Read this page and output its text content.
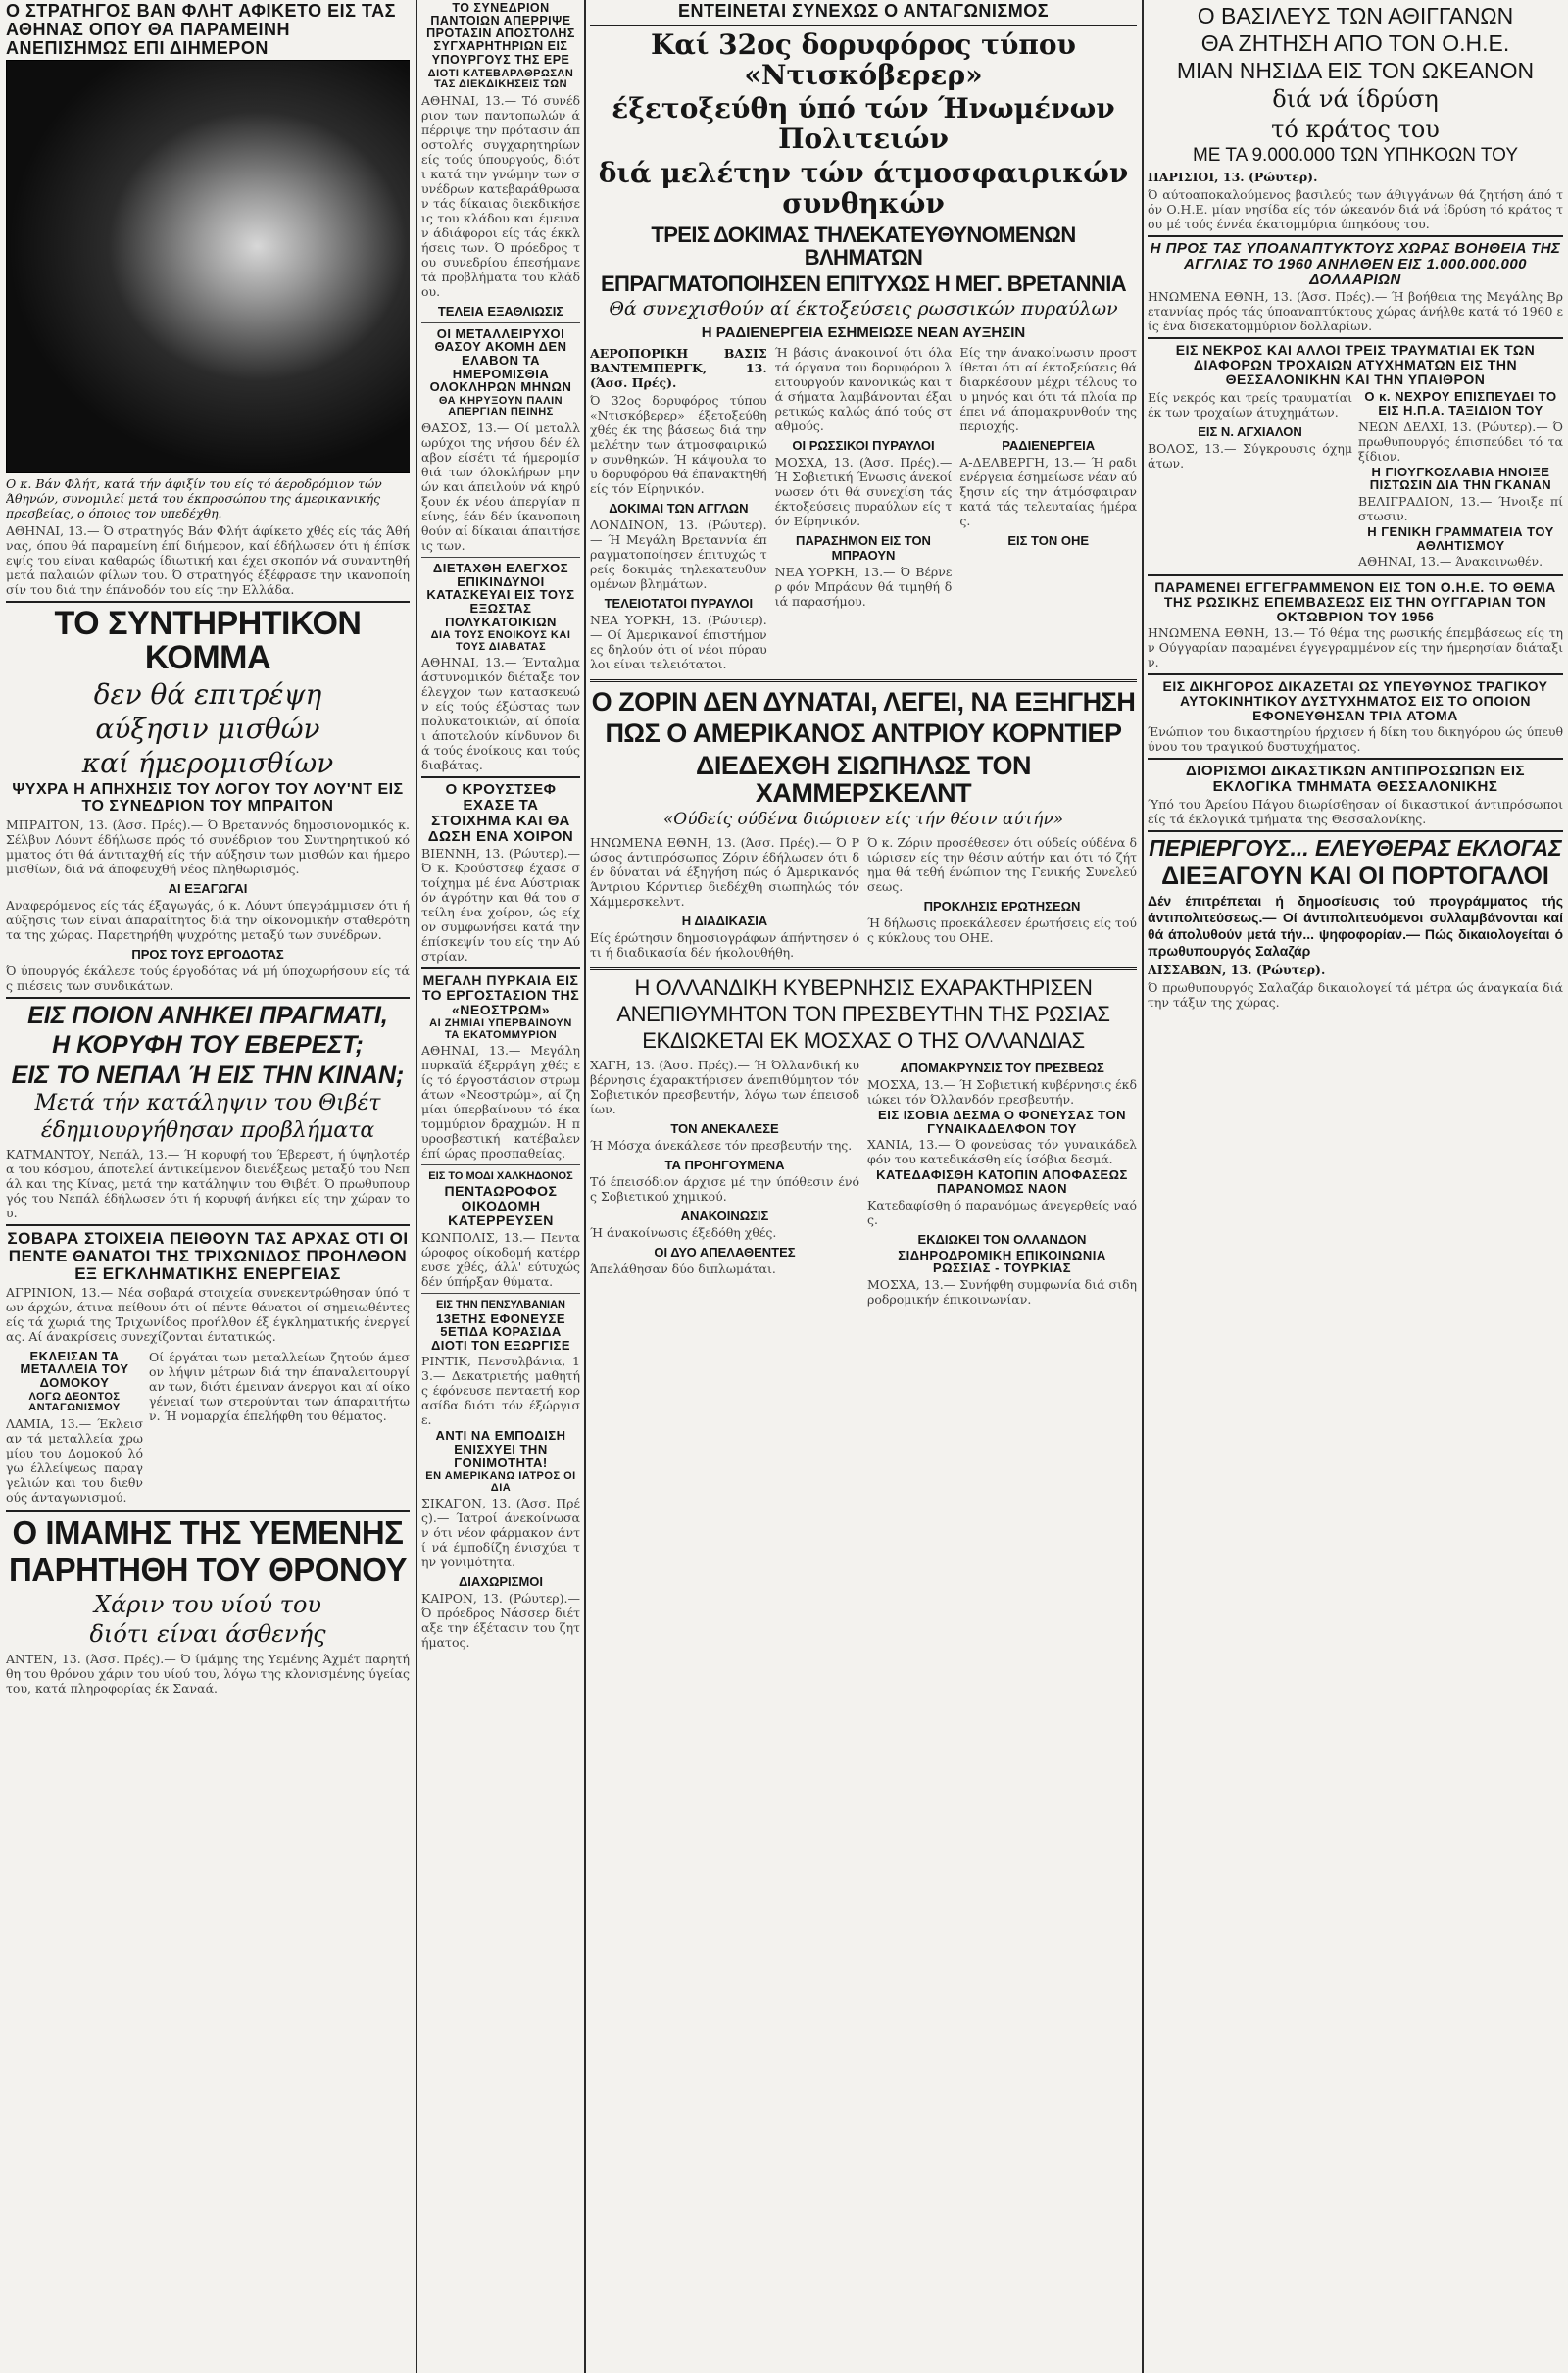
Ο ΣΤΡΑΤΗΓΟΣ ΒΑΝ ΦΛΗΤ ΑΦΙΚΕΤΟ ΕΙΣ ΤΑΣ ΑΘΗΝΑΣ ΟΠΟΥ ΘΑ ΠΑΡΑΜΕΙΝΗ ΑΝΕΠΙΣΗΜΩΣ ΕΠΙ ΔΙΗΜΕΡΟΝ
Ο κ. Βάν Φλήτ, κατά τήν άφιξίν του είς τό άεροδρόμιον τών Άθηνών, συνομιλεί μετά του έκπροσώπου της άμερικανικής πρεσβείας, ο όποιος τον υπεδέχθη.
ΑΘΗΝΑΙ, 13.— Ό στρατηγός Βάν Φλήτ άφίκετο χθές είς τάς Άθήνας, όπου θά παραμείνη έπί διήμερον, καί έδήλωσεν ότι ή έπίσκεψίς του είναι καθαρώς ίδιωτική και έχει σκοπόν νά συναντηθή μετά παλαιών φίλων του. Ό στρατηγός έξέφρασε την ικανοποίησίν του διά την έπάνοδόν του είς την Ελλάδα.
ΤΟ ΣΥΝΤΗΡΗΤΙΚΟΝ ΚΟΜΜΑ
δεν θά επιτρέψη
αύξησιν μισθών
καί ήμερομισθίων
ΨΥΧΡΑ Η ΑΠΗΧΗΣΙΣ ΤΟΥ ΛΟΓΟΥ ΤΟΥ ΛΟΥ'ΝΤ ΕΙΣ ΤΟ ΣΥΝΕΔΡΙΟΝ ΤΟΥ ΜΠΡΑΙΤΟΝ
ΜΠΡΑΙΤΟΝ, 13. (Άσσ. Πρές).— Ό Βρεταννός δημοσιονομικός κ. Σέλβυν Λόυντ έδήλωσε πρός τό συνέδριον του Συντηρητικού κόμματος ότι θά άντιταχθή είς τήν αύξησιν των μισθών και ήμερομισθίων, διά νά άποφευχθή νέος πληθωρισμός.
ΑΙ ΕΞΑΓΩΓΑΙ
Αναφερόμενος είς τάς έξαγωγάς, ό κ. Λόυντ ύπεγράμμισεν ότι ή αύξησις των είναι άπαραίτητος διά την οίκονομικήν σταθερότητα της χώρας. Παρετηρήθη ψυχρότης μεταξύ των συνέδρων.
ΠΡΟΣ ΤΟΥΣ ΕΡΓΟΔΟΤΑΣ
Ό ύπουργός έκάλεσε τούς έργοδότας νά μή ύποχωρήσουν είς τάς πιέσεις των συνδικάτων.
ΕΙΣ ΠΟΙΟΝ ΑΝΗΚΕΙ ΠΡΑΓΜΑΤΙ,
Η ΚΟΡΥΦΗ ΤΟΥ ΕΒΕΡΕΣΤ;
ΕΙΣ ΤΟ ΝΕΠΑΛ Ή ΕΙΣ ΤΗΝ ΚΙΝΑΝ;
Μετά τήν κατάληψιν του Θιβέτ
έδημιουργήθησαν προβλήματα
ΚΑΤΜΑΝΤΟΥ, Νεπάλ, 13.— Ή κορυφή του Έβερεστ, ή ύψηλοτέρα του κόσμου, άποτελεί άντικείμενον διενέξεως μεταξύ του Νεπάλ και της Κίνας, μετά την κατάληψιν του Θιβέτ. Ό πρωθυπουργός του Νεπάλ έδήλωσεν ότι ή κορυφή άνήκει είς την χώραν του.
ΣΟΒΑΡΑ ΣΤΟΙΧΕΙΑ ΠΕΙΘΟΥΝ ΤΑΣ ΑΡΧΑΣ ΟΤΙ ΟΙ ΠΕΝΤΕ ΘΑΝΑΤΟΙ ΤΗΣ ΤΡΙΧΩΝΙΔΟΣ ΠΡΟΗΛΘΟΝ ΕΞ ΕΓΚΛΗΜΑΤΙΚΗΣ ΕΝΕΡΓΕΙΑΣ
ΑΓΡΙΝΙΟΝ, 13.— Νέα σοβαρά στοιχεία συνεκεντρώθησαν ύπό των άρχών, άτινα πείθουν ότι οί πέντε θάνατοι οί σημειωθέντες είς τά χωριά της Τριχωνίδος προήλθον έξ έγκληματικής ένεργείας. Αί άνακρίσεις συνεχίζονται έντατικώς.
ΕΚΛΕΙΣΑΝ ΤΑ ΜΕΤΑΛΛΕΙΑ ΤΟΥ ΔΟΜΟΚΟΥ
ΛΟΓΩ ΔΕΟΝΤΟΣ ΑΝΤΑΓΩΝΙΣΜΟΥ
ΛΑΜΙΑ, 13.— Έκλεισαν τά μεταλλεία χρωμίου του Δομοκού λόγω έλλείψεως παραγγελιών και του διεθνούς άνταγωνισμού.
Οί έργάται των μεταλλείων ζητούν άμεσον λήψιν μέτρων διά την έπαναλειτουργίαν των, διότι έμειναν άνεργοι και αί οίκογένειαί των στερούνται των άπαραιτήτων. Ή νομαρχία έπελήφθη του θέματος.
Ο ΙΜΑΜΗΣ ΤΗΣ ΥΕΜΕΝΗΣ
ΠΑΡΗΤΗΘΗ ΤΟΥ ΘΡΟΝΟΥ
Χάριν του υίού του
διότι είναι άσθενής
ΑΝΤΕΝ, 13. (Άσσ. Πρές).— Ό ίμάμης της Υεμένης Άχμέτ παρητήθη του θρόνου χάριν του υίού του, λόγω της κλονισμένης ύγείας του, κατά πληροφορίας έκ Σαναά.
ΤΟ ΣΥΝΕΔΡΙΟΝ ΠΑΝΤΟΙΩΝ ΑΠΕΡΡΙΨΕ ΠΡΟΤΑΣΙΝ ΑΠΟΣΤΟΛΗΣ ΣΥΓΧΑΡΗΤΗΡΙΩΝ ΕΙΣ ΥΠΟΥΡΓΟΥΣ ΤΗΣ ΕΡΕ
ΔΙΟΤΙ ΚΑΤΕΒΑΡΑΘΡΩΣΑΝ ΤΑΣ ΔΙΕΚΔΙΚΗΣΕΙΣ ΤΩΝ
ΑΘΗΝΑΙ, 13.— Τό συνέδριον των παντοπωλών άπέρριψε την πρότασιν άποστολής συγχαρητηρίων είς τούς ύπουργούς, διότι κατά την γνώμην των συνέδρων κατεβαράθρωσαν τάς δίκαιας διεκδικήσεις του κλάδου και έμειναν άδιάφοροι είς τάς έκκλήσεις των. Ό πρόεδρος του συνεδρίου έπεσήμανε τά προβλήματα του κλάδου.
ΤΕΛΕΙΑ ΕΞΑΘΛΙΩΣΙΣ
ΟΙ ΜΕΤΑΛΛΕΙΡΥΧΟΙ ΘΑΣΟΥ ΑΚΟΜΗ ΔΕΝ ΕΛΑΒΟΝ ΤΑ ΗΜΕΡΟΜΙΣΘΙΑ ΟΛΟΚΛΗΡΩΝ ΜΗΝΩΝ
ΘΑ ΚΗΡΥΞΟΥΝ ΠΑΛΙΝ ΑΠΕΡΓΙΑΝ ΠΕΙΝΗΣ
ΘΑΣΟΣ, 13.— Οί μεταλλωρύχοι της νήσου δέν έλαβον είσέτι τά ήμερομίσθιά των όλοκλήρων μηνών και άπειλούν νά κηρύξουν έκ νέου άπεργίαν πείνης, έάν δέν ίκανοποιηθούν αί δίκαιαι άπαιτήσεις των.
ΔΙΕΤΑΧΘΗ ΕΛΕΓΧΟΣ ΕΠΙΚΙΝΔΥΝΟΙ ΚΑΤΑΣΚΕΥΑΙ ΕΙΣ ΤΟΥΣ ΕΞΩΣΤΑΣ ΠΟΛΥΚΑΤΟΙΚΙΩΝ
ΔΙΑ ΤΟΥΣ ΕΝΟΙΚΟΥΣ ΚΑΙ ΤΟΥΣ ΔΙΑΒΑΤΑΣ
ΑΘΗΝΑΙ, 13.— Ένταλμα άστυνομικόν διέταξε τον έλεγχον των κατασκευών είς τούς έξώστας των πολυκατοικιών, αί όποίαι άποτελούν κίνδυνον διά τούς ένοίκους και τούς διαβάτας.
Ο ΚΡΟΥΣΤΣΕΦ ΕΧΑΣΕ ΤΑ ΣΤΟΙΧΗΜΑ ΚΑΙ ΘΑ ΔΩΣΗ ΕΝΑ ΧΟΙΡΟΝ
ΒΙΕΝΝΗ, 13. (Ρώυτερ).— Ό κ. Κρούστσεφ έχασε στοίχημα μέ ένα Αύστριακόν άγρότην και θά του στείλη ένα χοίρον, ώς είχον συμφωνήσει κατά την έπίσκεψίν του είς την Αύστρίαν.
ΜΕΓΑΛΗ ΠΥΡΚΑΙΑ ΕΙΣ ΤΟ ΕΡΓΟΣΤΑΣΙΟΝ ΤΗΣ «ΝΕΟΣΤΡΩΜ»
ΑΙ ΖΗΜΙΑΙ ΥΠΕΡΒΑΙΝΟΥΝ ΤΑ ΕΚΑΤΟΜΜΥΡΙΟΝ
ΑΘΗΝΑΙ, 13.— Μεγάλη πυρκαϊά έξερράγη χθές είς τό έργοστάσιον στρωμάτων «Νεοστρώμ», αί ζημίαι ύπερβαίνουν τό έκατομμύριον δραχμών. Η πυροσβεστική κατέβαλεν έπί ώρας προσπαθείας.
ΕΙΣ ΤΟ ΜΟΔΙ ΧΑΛΚΗΔΟΝΟΣ
ΠΕΝΤΑΩΡΟΦΟΣ ΟΙΚΟΔΟΜΗ ΚΑΤΕΡΡΕΥΣΕΝ
ΚΩΝΠΟΛΙΣ, 13.— Πενταώροφος οίκοδομή κατέρρευσε χθές, άλλ' εύτυχώς δέν ύπήρξαν θύματα.
ΕΙΣ ΤΗΝ ΠΕΝΣΥΛΒΑΝΙΑΝ
13ΕΤΗΣ ΕΦΟΝΕΥΣΕ 5ΕΤΙΔΑ ΚΟΡΑΣΙΔΑ ΔΙΟΤΙ ΤΟΝ ΕΞΩΡΓΙΣΕ
ΡΙΝΤΙΚ, Πενσυλβάνια, 13.— Δεκατριετής μαθητής έφόνευσε πενταετή κορασίδα διότι τόν έξώργισε.
ΑΝΤΙ ΝΑ ΕΜΠΟΔΙΣΗ ΕΝΙΣΧΥΕΙ ΤΗΝ ΓΟΝΙΜΟΤΗΤΑ!
ΕΝ ΑΜΕΡΙΚΑΝΩ ΙΑΤΡΟΣ ΟΙ ΔΙΑ
ΣΙΚΑΓΟΝ, 13. (Άσσ. Πρές).— Ίατροί άνεκοίνωσαν ότι νέον φάρμακον άντί νά έμποδίζη ένισχύει την γονιμότητα.
ΔΙΑΧΩΡΙΣΜΟΙ
ΚΑΙΡΟΝ, 13. (Ρώυτερ).— Ό πρόεδρος Νάσσερ διέταξε την έξέτασιν του ζητήματος.
ΕΝΤΕΙΝΕΤΑΙ ΣΥΝΕΧΩΣ Ο ΑΝΤΑΓΩΝΙΣΜΟΣ
Καί 32ος δορυφόρος τύπου «Ντισκόβερερ»
έξετοξεύθη ύπό τών Ήνωμένων Πολιτειών
διά μελέτην τών άτμοσφαιρικών συνθηκών
ΤΡΕΙΣ ΔΟΚΙΜΑΣ ΤΗΛΕΚΑΤΕΥΘΥΝΟΜΕΝΩΝ ΒΛΗΜΑΤΩΝ
ΕΠΡΑΓΜΑΤΟΠΟΙΗΣΕΝ ΕΠΙΤΥΧΩΣ Η ΜΕΓ. ΒΡΕΤΑΝΝΙΑ
Θά συνεχισθούν αί έκτοξεύσεις ρωσσικών πυραύλων
Η ΡΑΔΙΕΝΕΡΓΕΙΑ ΕΣΗΜΕΙΩΣΕ ΝΕΑΝ ΑΥΞΗΣΙΝ
ΑΕΡΟΠΟΡΙΚΗ ΒΑΣΙΣ ΒΑΝΤΕΜΠΕΡΓΚ, 13. (Άσσ. Πρές).
Ό 32ος δορυφόρος τύπου «Ντισκόβερερ» έξετοξεύθη χθές έκ της βάσεως διά την μελέτην των άτμοσφαιρικών συνθηκών. Ή κάψουλα του δορυφόρου θά έπανακτηθή είς τόν Είρηνικόν.
ΔΟΚΙΜΑΙ ΤΩΝ ΑΓΓΛΩΝ
ΛΟΝΔΙΝΟΝ, 13. (Ρώυτερ).— Ή Μεγάλη Βρεταννία έπραγματοποίησεν έπιτυχώς τρείς δοκιμάς τηλεκατευθυνομένων βλημάτων.
ΤΕΛΕΙΟΤΑΤΟΙ ΠΥΡΑΥΛΟΙ
ΝΕΑ ΥΟΡΚΗ, 13. (Ρώυτερ).— Οί Άμερικανοί έπιστήμονες δηλούν ότι οί νέοι πύραυλοι είναι τελειότατοι.
Ή βάσις άνακοινοί ότι όλα τά όργανα του δορυφόρου λειτουργούν κανονικώς και τά σήματα λαμβάνονται έξαιρετικώς καλώς άπό τούς σταθμούς.
ΟΙ ΡΩΣΣΙΚΟΙ ΠΥΡΑΥΛΟΙ
ΜΟΣΧΑ, 13. (Άσσ. Πρές).— Ή Σοβιετική Ένωσις άνεκοίνωσεν ότι θά συνεχίση τάς έκτοξεύσεις πυραύλων είς τόν Είρηνικόν.
ΠΑΡΑΣΗΜΟΝ ΕΙΣ ΤΟΝ ΜΠΡΑΟΥΝ
ΝΕΑ ΥΟΡΚΗ, 13.— Ό Βέρνερ φόν Μπράουν θά τιμηθή διά παρασήμου.
Είς την άνακοίνωσιν προστίθεται ότι αί έκτοξεύσεις θά διαρκέσουν μέχρι τέλους του μηνός και ότι τά πλοία πρέπει νά άπομακρυνθούν της περιοχής.
ΡΑΔΙΕΝΕΡΓΕΙΑ
Α-ΔΕΛΒΕΡΓΗ, 13.— Ή ραδιενέργεια έσημείωσε νέαν αύξησιν είς την άτμόσφαιραν κατά τάς τελευταίας ήμέρας.
ΕΙΣ ΤΟΝ ΟΗΕ
Ο ΖΟΡΙΝ ΔΕΝ ΔΥΝΑΤΑΙ, ΛΕΓΕΙ, ΝΑ ΕΞΗΓΗΣΗ
ΠΩΣ Ο ΑΜΕΡΙΚΑΝΟΣ ΑΝΤΡΙΟΥ ΚΟΡΝΤΙΕΡ
ΔΙΕΔΕΧΘΗ ΣΙΩΠΗΛΩΣ ΤΟΝ ΧΑΜΜΕΡΣΚΕΛΝΤ
«Ούδείς ούδένα διώρισεν είς τήν θέσιν αύτήν»
ΗΝΩΜΕΝΑ ΕΘΝΗ, 13. (Άσσ. Πρές).— Ό Ρώσος άντιπρόσωπος Ζόριν έδήλωσεν ότι δέν δύναται νά έξηγήση πώς ό Άμερικανός Άντριου Κόρντιερ διεδέχθη σιωπηλώς τόν Χάμμερσκελντ.
Η ΔΙΑΔΙΚΑΣΙΑ
Είς έρώτησιν δημοσιογράφων άπήντησεν ότι ή διαδικασία δέν ήκολουθήθη.
Ό κ. Ζόριν προσέθεσεν ότι ούδείς ούδένα διώρισεν είς την θέσιν αύτήν και ότι τό ζήτημα θά τεθή ένώπιον της Γενικής Συνελεύσεως.
ΠΡΟΚΛΗΣΙΣ ΕΡΩΤΗΣΕΩΝ
Ή δήλωσις προεκάλεσεν έρωτήσεις είς τούς κύκλους του ΟΗΕ.
Η ΟΛΛΑΝΔΙΚΗ ΚΥΒΕΡΝΗΣΙΣ ΕΧΑΡΑΚΤΗΡΙΣΕΝ
ΑΝΕΠΙΘΥΜΗΤΟΝ ΤΟΝ ΠΡΕΣΒΕΥΤΗΝ ΤΗΣ ΡΩΣΙΑΣ
ΕΚΔΙΩΚΕΤΑΙ ΕΚ ΜΟΣΧΑΣ Ο ΤΗΣ ΟΛΛΑΝΔΙΑΣ
ΧΑΓΗ, 13. (Άσσ. Πρές).— Ή Όλλανδική κυβέρνησις έχαρακτήρισεν άνεπιθύμητον τόν Σοβιετικόν πρεσβευτήν, λόγω των έπεισοδίων.
ΤΟΝ ΑΝΕΚΑΛΕΣΕ
Ή Μόσχα άνεκάλεσε τόν πρεσβευτήν της.
ΤΑ ΠΡΟΗΓΟΥΜΕΝΑ
Τό έπεισόδιον άρχισε μέ την ύπόθεσιν ένός Σοβιετικού χημικού.
ΑΝΑΚΟΙΝΩΣΙΣ
Ή άνακοίνωσις έξεδόθη χθές.
ΟΙ ΔΥΟ ΑΠΕΛΑΘΕΝΤΕΣ
Άπελάθησαν δύο διπλωμάται.
ΑΠΟΜΑΚΡΥΝΣΙΣ ΤΟΥ ΠΡΕΣΒΕΩΣ
ΜΟΣΧΑ, 13.— Ή Σοβιετική κυβέρνησις έκδιώκει τόν Όλλανδόν πρεσβευτήν.
ΕΙΣ ΙΣΟΒΙΑ ΔΕΣΜΑ Ο ΦΟΝΕΥΣΑΣ ΤΟΝ ΓΥΝΑΙΚΑΔΕΛΦΟΝ ΤΟΥ
ΧΑΝΙΑ, 13.— Ό φονεύσας τόν γυναικάδελφόν του κατεδικάσθη είς ίσόβια δεσμά.
ΚΑΤΕΔΑΦΙΣΘΗ ΚΑΤΟΠΙΝ ΑΠΟΦΑΣΕΩΣ ΠΑΡΑΝΟΜΩΣ ΝΑΟΝ
Κατεδαφίσθη ό παρανόμως άνεγερθείς ναός.
ΕΚΔΙΩΚΕΙ ΤΟΝ ΟΛΛΑΝΔΟΝ
ΣΙΔΗΡΟΔΡΟΜΙΚΗ ΕΠΙΚΟΙΝΩΝΙΑ ΡΩΣΣΙΑΣ - ΤΟΥΡΚΙΑΣ
ΜΟΣΧΑ, 13.— Συνήφθη συμφωνία διά σιδηροδρομικήν έπικοινωνίαν.
Ο ΒΑΣΙΛΕΥΣ ΤΩΝ ΑΘΙΓΓΑΝΩΝ
ΘΑ ΖΗΤΗΣΗ ΑΠΟ ΤΟΝ Ο.Η.Ε.
ΜΙΑΝ ΝΗΣΙΔΑ ΕΙΣ ΤΟΝ ΩΚΕΑΝΟΝ
διά νά ίδρύση
τό κράτος του
ΜΕ ΤΑ 9.000.000 ΤΩΝ ΥΠΗΚΟΩΝ ΤΟΥ
ΠΑΡΙΣΙΟΙ, 13. (Ρώυτερ).
Ό αύτοαποκαλούμενος βασιλεύς των άθιγγάνων θά ζητήση άπό τόν Ο.Η.Ε. μίαν νησίδα είς τόν ώκεανόν διά νά ίδρύση τό κράτος του μέ τούς έννέα έκατομμύρια ύπηκόους του.
Η ΠΡΟΣ ΤΑΣ ΥΠΟΑΝΑΠΤΥΚΤΟΥΣ ΧΩΡΑΣ ΒΟΗΘΕΙΑ ΤΗΣ ΑΓΓΛΙΑΣ ΤΟ 1960 ΑΝΗΛΘΕΝ ΕΙΣ 1.000.000.000 ΔΟΛΛΑΡΙΩΝ
ΗΝΩΜΕΝΑ ΕΘΝΗ, 13. (Άσσ. Πρές).— Ή βοήθεια της Μεγάλης Βρεταννίας πρός τάς ύποαναπτύκτους χώρας άνήλθε κατά τό 1960 είς ένα δισεκατομμύριον δολλαρίων.
ΕΙΣ ΝΕΚΡΟΣ ΚΑΙ ΑΛΛΟΙ ΤΡΕΙΣ ΤΡΑΥΜΑΤΙΑΙ ΕΚ ΤΩΝ ΔΙΑΦΟΡΩΝ ΤΡΟΧΑΙΩΝ ΑΤΥΧΗΜΑΤΩΝ ΕΙΣ ΤΗΝ ΘΕΣΣΑΛΟΝΙΚΗΝ ΚΑΙ ΤΗΝ ΥΠΑΙΘΡΟΝ
Είς νεκρός και τρείς τραυματίαι έκ των τροχαίων άτυχημάτων.
ΕΙΣ Ν. ΑΓΧΙΑΛΟΝ
ΒΟΛΟΣ, 13.— Σύγκρουσις όχημάτων.
Ο κ. ΝΕΧΡΟΥ ΕΠΙΣΠΕΥΔΕΙ ΤΟ ΕΙΣ Η.Π.Α. ΤΑΞΙΔΙΟΝ ΤΟΥ
ΝΕΩΝ ΔΕΛΧΙ, 13. (Ρώυτερ).— Ό πρωθυπουργός έπισπεύδει τό ταξίδιον.
Η ΓΙΟΥΓΚΟΣΛΑΒΙΑ ΗΝΟΙΞΕ ΠΙΣΤΩΣΙΝ ΔΙΑ ΤΗΝ ΓΚΑΝΑΝ
ΒΕΛΙΓΡΑΔΙΟΝ, 13.— Ήνοιξε πίστωσιν.
Η ΓΕΝΙΚΗ ΓΡΑΜΜΑΤΕΙΑ ΤΟΥ ΑΘΛΗΤΙΣΜΟΥ
ΑΘΗΝΑΙ, 13.— Άνακοινωθέν.
ΠΑΡΑΜΕΝΕΙ ΕΓΓΕΓΡΑΜΜΕΝΟΝ ΕΙΣ ΤΟΝ Ο.Η.Ε. ΤΟ ΘΕΜΑ ΤΗΣ ΡΩΣΙΚΗΣ ΕΠΕΜΒΑΣΕΩΣ ΕΙΣ ΤΗΝ ΟΥΓΓΑΡΙΑΝ ΤΟΝ ΟΚΤΩΒΡΙΟΝ ΤΟΥ 1956
ΗΝΩΜΕΝΑ ΕΘΝΗ, 13.— Τό θέμα της ρωσικής έπεμβάσεως είς την Ούγγαρίαν παραμένει έγγεγραμμένον είς την ήμερησίαν διάταξιν.
ΕΙΣ ΔΙΚΗΓΟΡΟΣ ΔΙΚΑΖΕΤΑΙ ΩΣ ΥΠΕΥΘΥΝΟΣ ΤΡΑΓΙΚΟΥ ΑΥΤΟΚΙΝΗΤΙΚΟΥ ΔΥΣΤΥΧΗΜΑΤΟΣ ΕΙΣ ΤΟ ΟΠΟΙΟΝ ΕΦΟΝΕΥΘΗΣΑΝ ΤΡΙΑ ΑΤΟΜΑ
Ένώπιον του δικαστηρίου ήρχισεν ή δίκη του δικηγόρου ώς ύπευθύνου του τραγικού δυστυχήματος.
ΔΙΟΡΙΣΜΟΙ ΔΙΚΑΣΤΙΚΩΝ ΑΝΤΙΠΡΟΣΩΠΩΝ ΕΙΣ ΕΚΛΟΓΙΚΑ ΤΜΗΜΑΤΑ ΘΕΣΣΑΛΟΝΙΚΗΣ
Ύπό του Άρείου Πάγου διωρίσθησαν οί δικαστικοί άντιπρόσωποι είς τά έκλογικά τμήματα της Θεσσαλονίκης.
ΠΕΡΙΕΡΓΟΥΣ... ΕΛΕΥΘΕΡΑΣ ΕΚΛΟΓΑΣ
ΔΙΕΞΑΓΟΥΝ ΚΑΙ ΟΙ ΠΟΡΤΟΓΑΛΟΙ
Δέν έπιτρέπεται ή δημοσίευσις τού προγράμματος τής άντιπολιτεύσεως.— Οί άντιπολιτευόμενοι συλλαμβάνονται καί θά άπολυθούν μετά τήν... ψηφοφορίαν.— Πώς δικαιολογείται ό πρωθυπουργός Σαλαζάρ
ΛΙΣΣΑΒΩΝ, 13. (Ρώυτερ).
Ό πρωθυπουργός Σαλαζάρ δικαιολογεί τά μέτρα ώς άναγκαία διά την τάξιν της χώρας.
